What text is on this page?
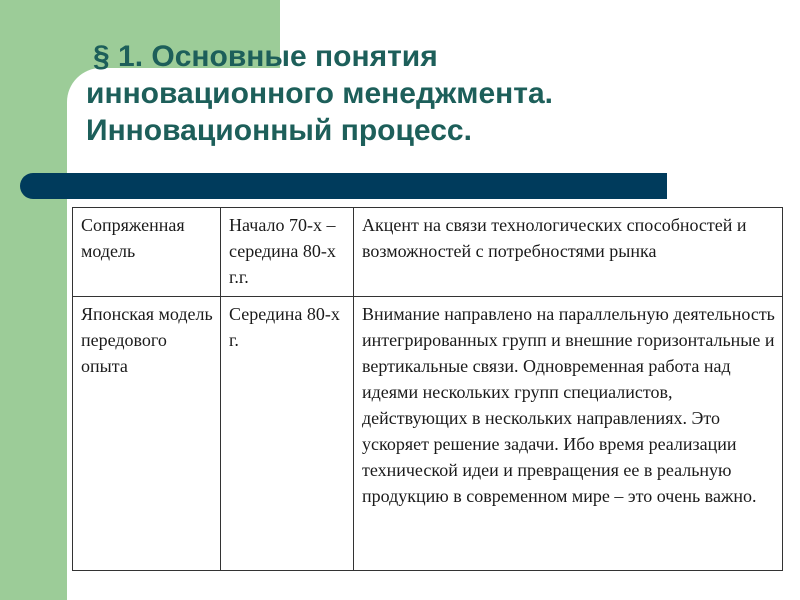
§ 1. Основные понятия
инновационного менеджмента.
Инновационный процесс.
Сопряженная модель	Начало 70-х – середина 80-х г.г.	Акцент на связи технологических способностей и возможностей с потребностями рынка
Японская модель передового опыта	Середина 80-х г.	Внимание направлено на параллельную деятельность интегрированных групп и внешние горизонтальные и вертикальные связи. Одновременная работа над идеями нескольких групп специалистов, действующих в нескольких направлениях. Это ускоряет решение задачи. Ибо время реализации технической идеи и превращения ее в реальную продукцию в современном мире – это очень важно.
